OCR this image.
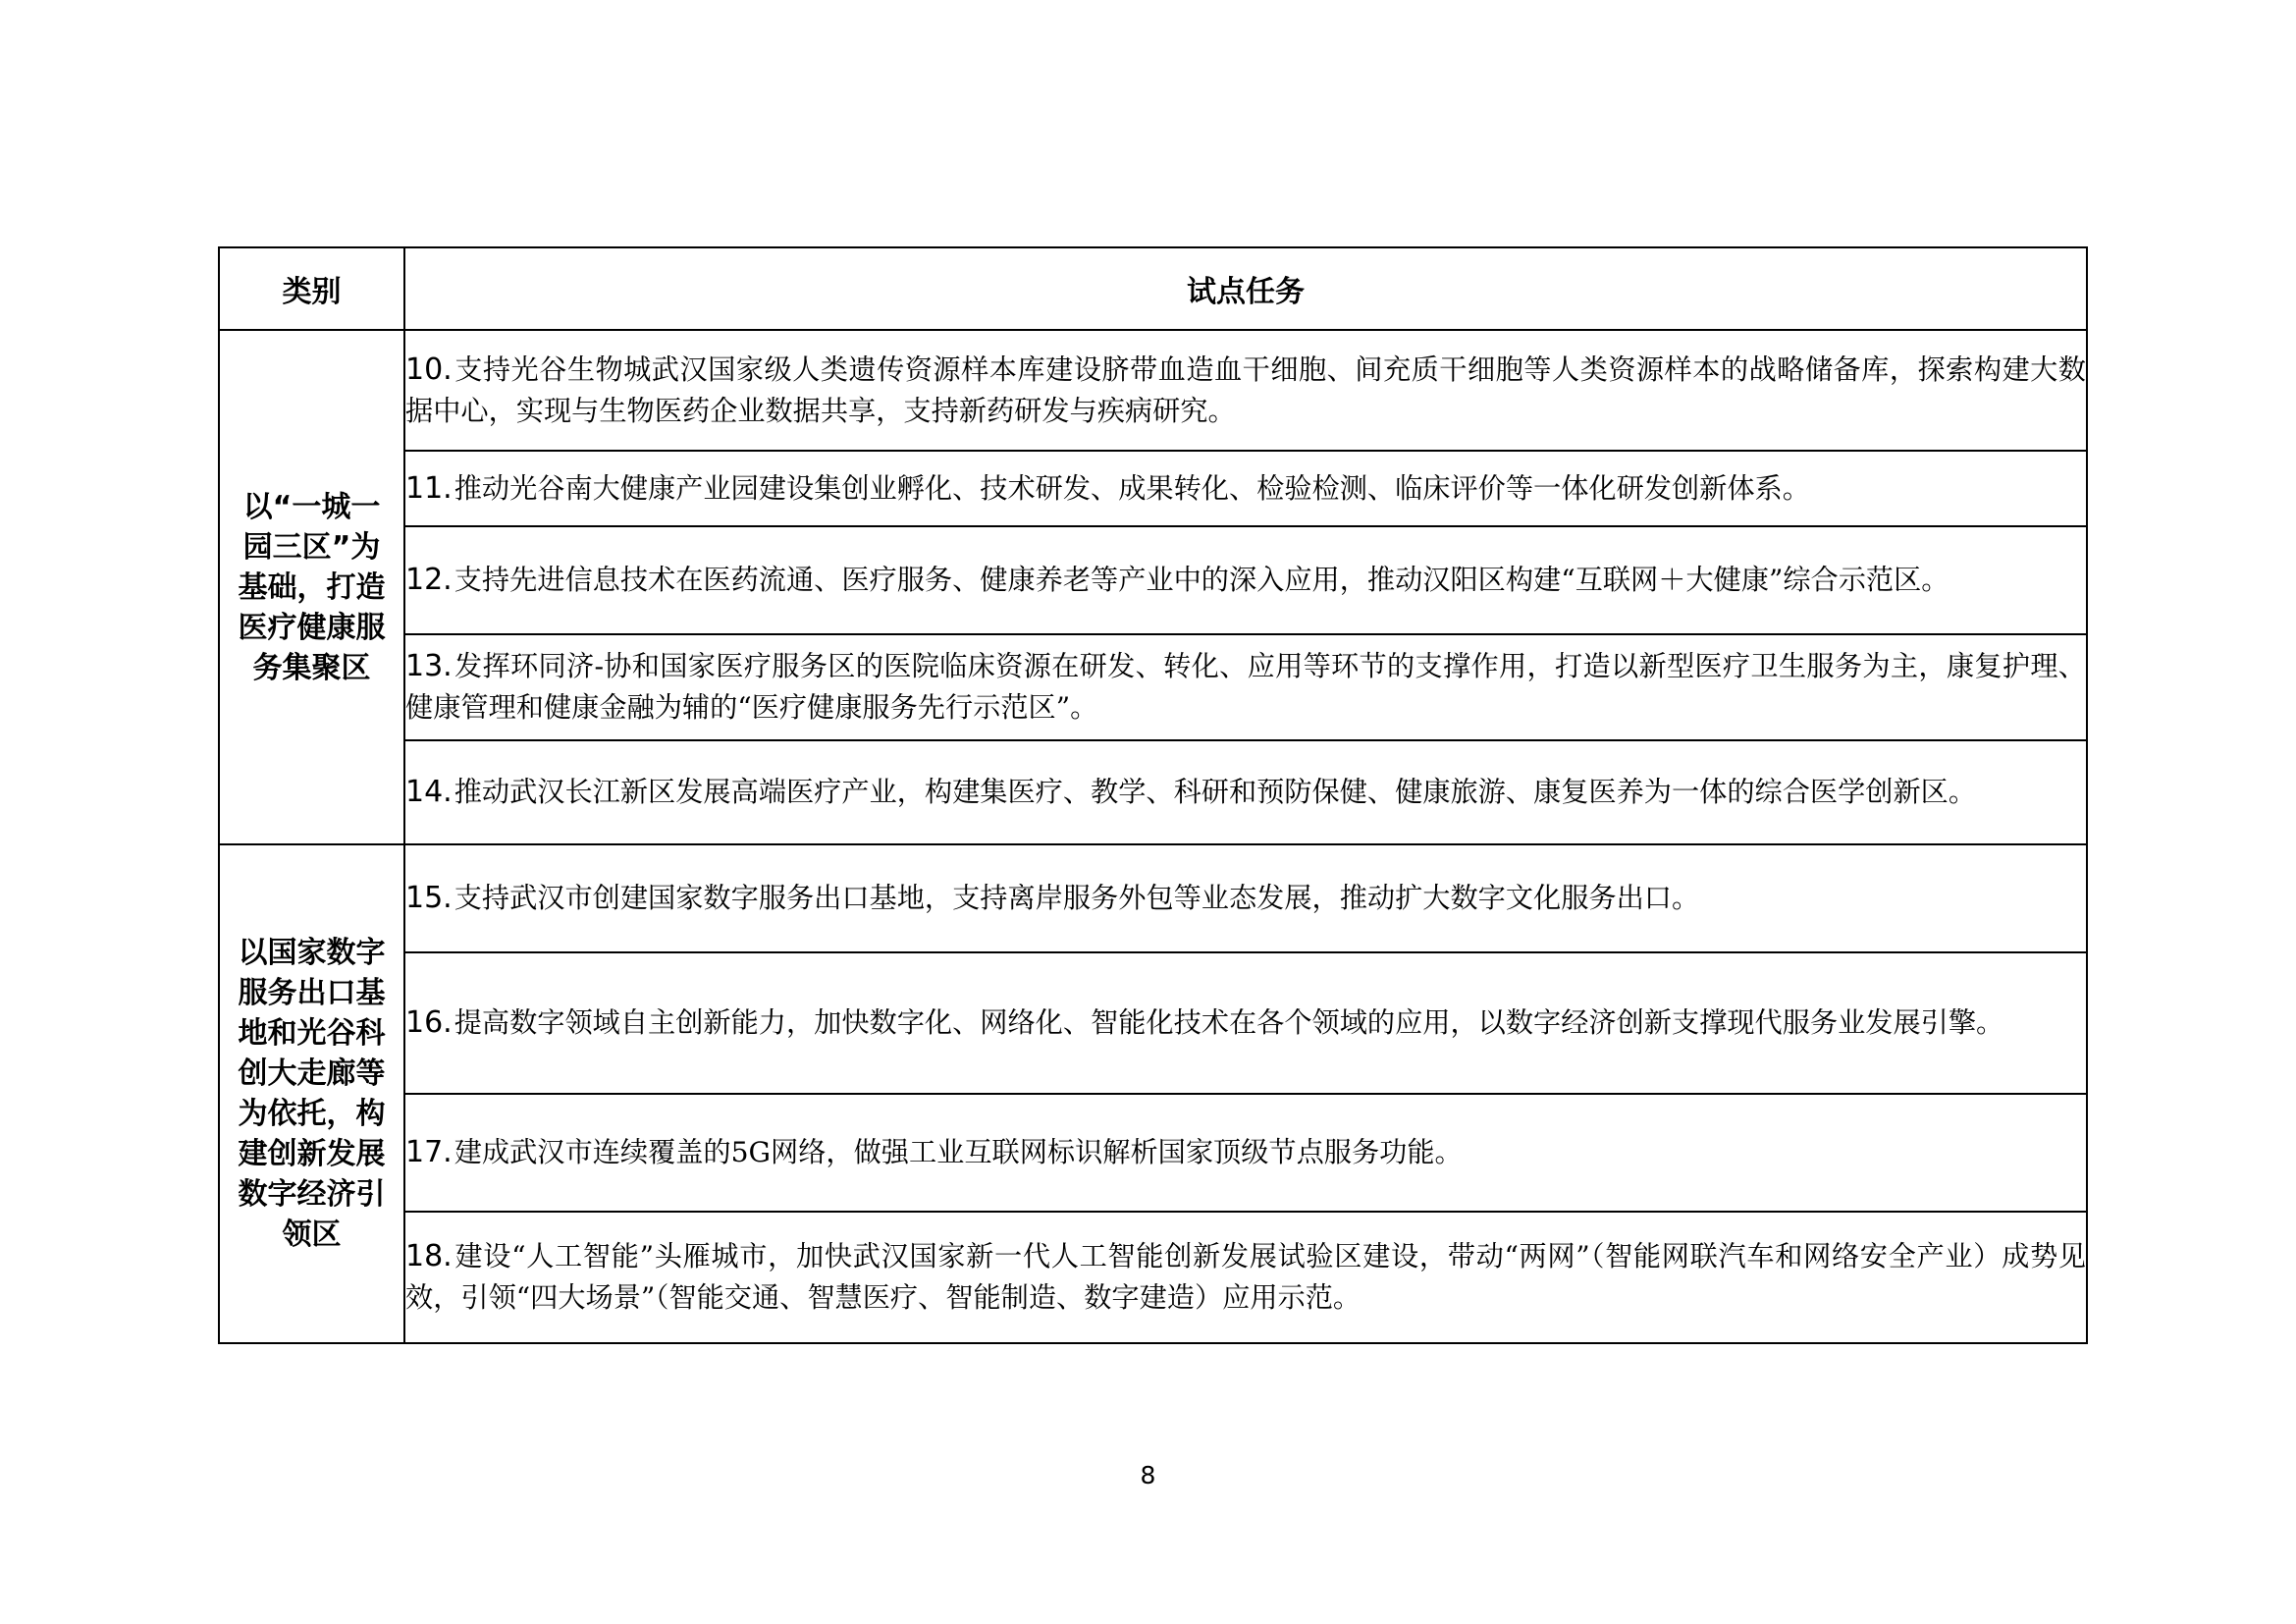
类别	试点任务

以“一城一园三区”为基础，打造医疗健康服务集聚区	10.支持光谷生物城武汉国家级人类遗传资源样本库建设脐带血造血干细胞、间充质干细胞等人类资源样本的战略储备库，探索构建大数据中心，实现与生物医药企业数据共享，支持新药研发与疾病研究。
	11.推动光谷南大健康产业园建设集创业孵化、技术研发、成果转化、检验检测、临床评价等一体化研发创新体系。
	12.支持先进信息技术在医药流通、医疗服务、健康养老等产业中的深入应用，推动汉阳区构建“互联网＋大健康”综合示范区。
	13.发挥环同济-协和国家医疗服务区的医院临床资源在研发、转化、应用等环节的支撑作用，打造以新型医疗卫生服务为主，康复护理、健康管理和健康金融为辅的“医疗健康服务先行示范区”。
	14.推动武汉长江新区发展高端医疗产业，构建集医疗、教学、科研和预防保健、健康旅游、康复医养为一体的综合医学创新区。

以国家数字服务出口基地和光谷科创大走廊等为依托，构建创新发展数字经济引领区	15.支持武汉市创建国家数字服务出口基地，支持离岸服务外包等业态发展，推动扩大数字文化服务出口。
	16.提高数字领域自主创新能力，加快数字化、网络化、智能化技术在各个领域的应用，以数字经济创新支撑现代服务业发展引擎。
	17.建成武汉市连续覆盖的5G网络，做强工业互联网标识解析国家顶级节点服务功能。
	18.建设“人工智能”头雁城市，加快武汉国家新一代人工智能创新发展试验区建设，带动“两网”（智能网联汽车和网络安全产业）成势见效，引领“四大场景”（智能交通、智慧医疗、智能制造、数字建造）应用示范。
8
